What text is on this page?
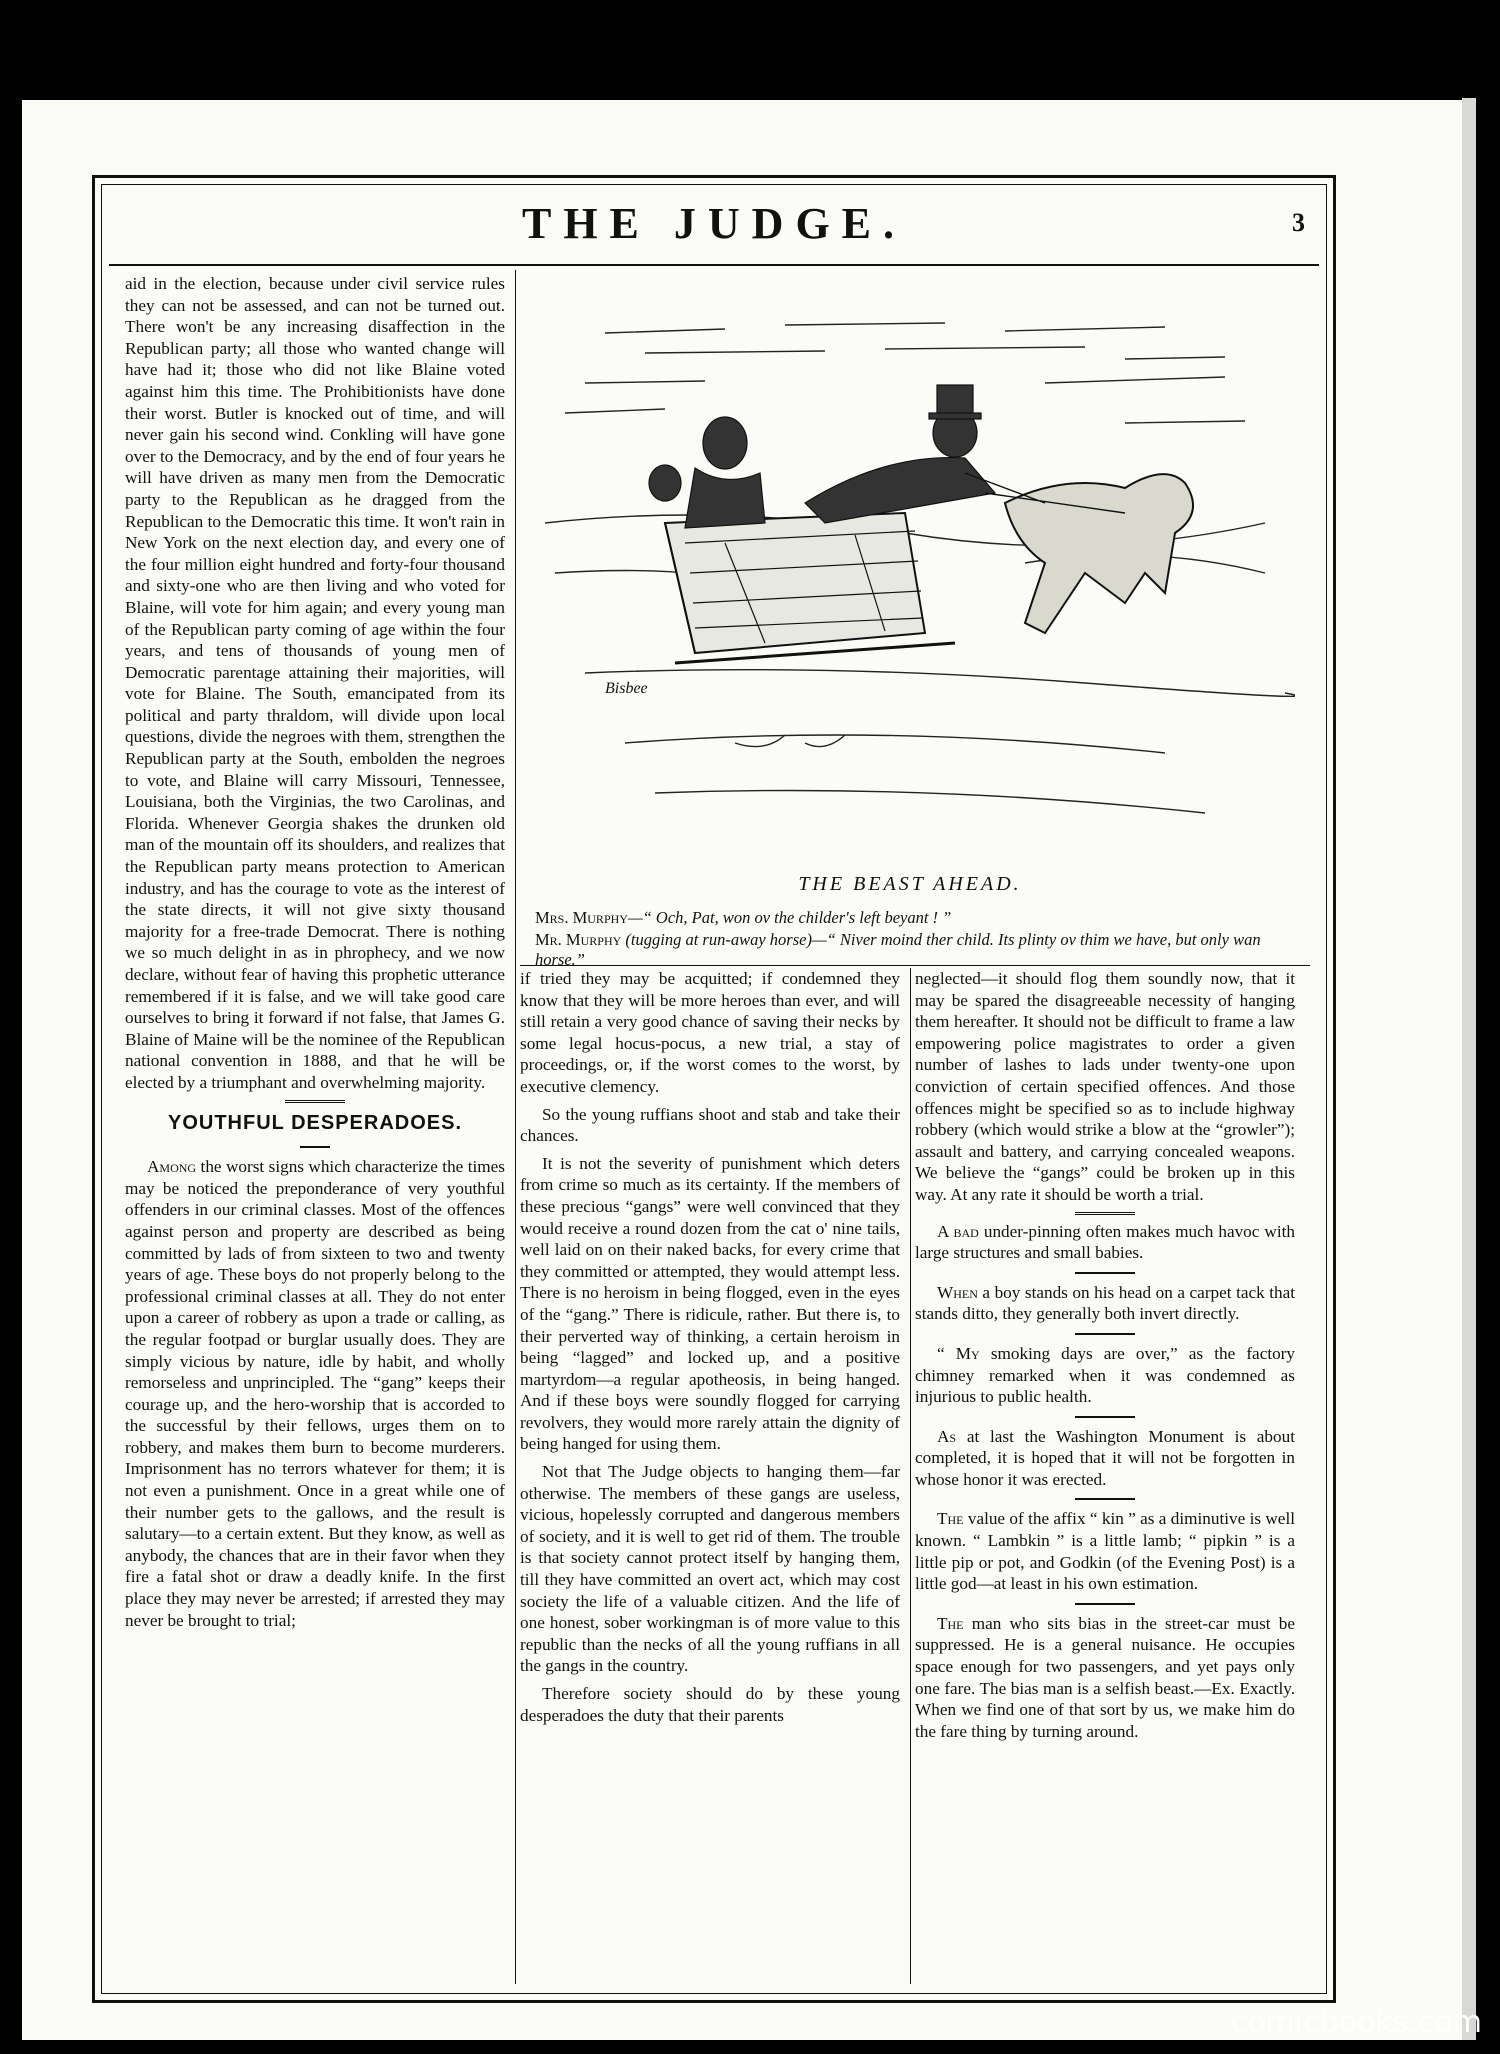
THE JUDGE.	3

aid in the election, because under civil service rules they can not be assessed, and can not be turned out. There won't be any increasing disaffection in the Republican party; all those who wanted change will have had it; those who did not like Blaine voted against him this time. The Prohibitionists have done their worst. Butler is knocked out of time, and will never gain his second wind. Conkling will have gone over to the Democracy, and by the end of four years he will have driven as many men from the Democratic party to the Republican as he dragged from the Republican to the Democratic this time. It won't rain in New York on the next election day, and every one of the four million eight hundred and forty-four thousand and sixty-one who are then living and who voted for Blaine, will vote for him again; and every young man of the Republican party coming of age within the four years, and tens of thousands of young men of Democratic parentage attaining their majorities, will vote for Blaine. The South, emancipated from its political and party thraldom, will divide upon local questions, divide the negroes with them, strengthen the Republican party at the South, embolden the negroes to vote, and Blaine will carry Missouri, Tennessee, Louisiana, both the Virginias, the two Carolinas, and Florida. Whenever Georgia shakes the drunken old man of the mountain off its shoulders, and realizes that the Republican party means protection to American industry, and has the courage to vote as the interest of the state directs, it will not give sixty thousand majority for a free-trade Democrat. There is nothing we so much delight in as in phrophecy, and we now declare, without fear of having this prophetic utterance remembered if it is false, and we will take good care ourselves to bring it forward if not false, that James G. Blaine of Maine will be the nominee of the Republican national convention in 1888, and that he will be elected by a triumphant and overwhelming majority.

YOUTHFUL DESPERADOES.

Among the worst signs which characterize the times may be noticed the preponderance of very youthful offenders in our criminal classes. Most of the offences against person and property are described as being committed by lads of from sixteen to two and twenty years of age. These boys do not properly belong to the professional criminal classes at all. They do not enter upon a career of robbery as upon a trade or calling, as the regular footpad or burglar usually does. They are simply vicious by nature, idle by habit, and wholly remorseless and unprincipled. The “gang” keeps their courage up, and the hero-worship that is accorded to the successful by their fellows, urges them on to robbery, and makes them burn to become murderers. Imprisonment has no terrors whatever for them; it is not even a punishment. Once in a great while one of their number gets to the gallows, and the result is salutary—to a certain extent. But they know, as well as anybody, the chances that are in their favor when they fire a fatal shot or draw a deadly knife. In the first place they may never be arrested; if arrested they may never be brought to trial;

Bisbee
THE BEAST AHEAD.
Mrs. Murphy—“ Och, Pat, won ov the childer's left beyant ! ”
Mr. Murphy (tugging at run-away horse)—“ Niver moind ther child. Its plinty ov thim we have, but only wan horse.”

if tried they may be acquitted; if condemned they know that they will be more heroes than ever, and will still retain a very good chance of saving their necks by some legal hocus-pocus, a new trial, a stay of proceedings, or, if the worst comes to the worst, by executive clemency.

So the young ruffians shoot and stab and take their chances.

It is not the severity of punishment which deters from crime so much as its certainty. If the members of these precious “gangs” were well convinced that they would receive a round dozen from the cat o' nine tails, well laid on on their naked backs, for every crime that they committed or attempted, they would attempt less. There is no heroism in being flogged, even in the eyes of the “gang.” There is ridicule, rather. But there is, to their perverted way of thinking, a certain heroism in being “lagged” and locked up, and a positive martyrdom—a regular apotheosis, in being hanged. And if these boys were soundly flogged for carrying revolvers, they would more rarely attain the dignity of being hanged for using them.

Not that The Judge objects to hanging them—far otherwise. The members of these gangs are useless, vicious, hopelessly corrupted and dangerous members of society, and it is well to get rid of them. The trouble is that society cannot protect itself by hanging them, till they have committed an overt act, which may cost society the life of a valuable citizen. And the life of one honest, sober workingman is of more value to this republic than the necks of all the young ruffians in all the gangs in the country.

Therefore society should do by these young desperadoes the duty that their parents

neglected—it should flog them soundly now, that it may be spared the disagreeable necessity of hanging them hereafter. It should not be difficult to frame a law empowering police magistrates to order a given number of lashes to lads under twenty-one upon conviction of certain specified offences. And those offences might be specified so as to include highway robbery (which would strike a blow at the “growler”); assault and battery, and carrying concealed weapons. We believe the “gangs” could be broken up in this way. At any rate it should be worth a trial.

A bad under-pinning often makes much havoc with large structures and small babies.

When a boy stands on his head on a carpet tack that stands ditto, they generally both invert directly.

“ My smoking days are over,” as the factory chimney remarked when it was condemned as injurious to public health.

As at last the Washington Monument is about completed, it is hoped that it will not be forgotten in whose honor it was erected.

The value of the affix “ kin ” as a diminutive is well known. “ Lambkin ” is a little lamb; “ pipkin ” is a little pip or pot, and Godkin (of the Evening Post) is a little god—at least in his own estimation.

The man who sits bias in the street-car must be suppressed. He is a general nuisance. He occupies space enough for two passengers, and yet pays only one fare. The bias man is a selfish beast.—Ex. Exactly. When we find one of that sort by us, we make him do the fare thing by turning around.

comicbooks.com
